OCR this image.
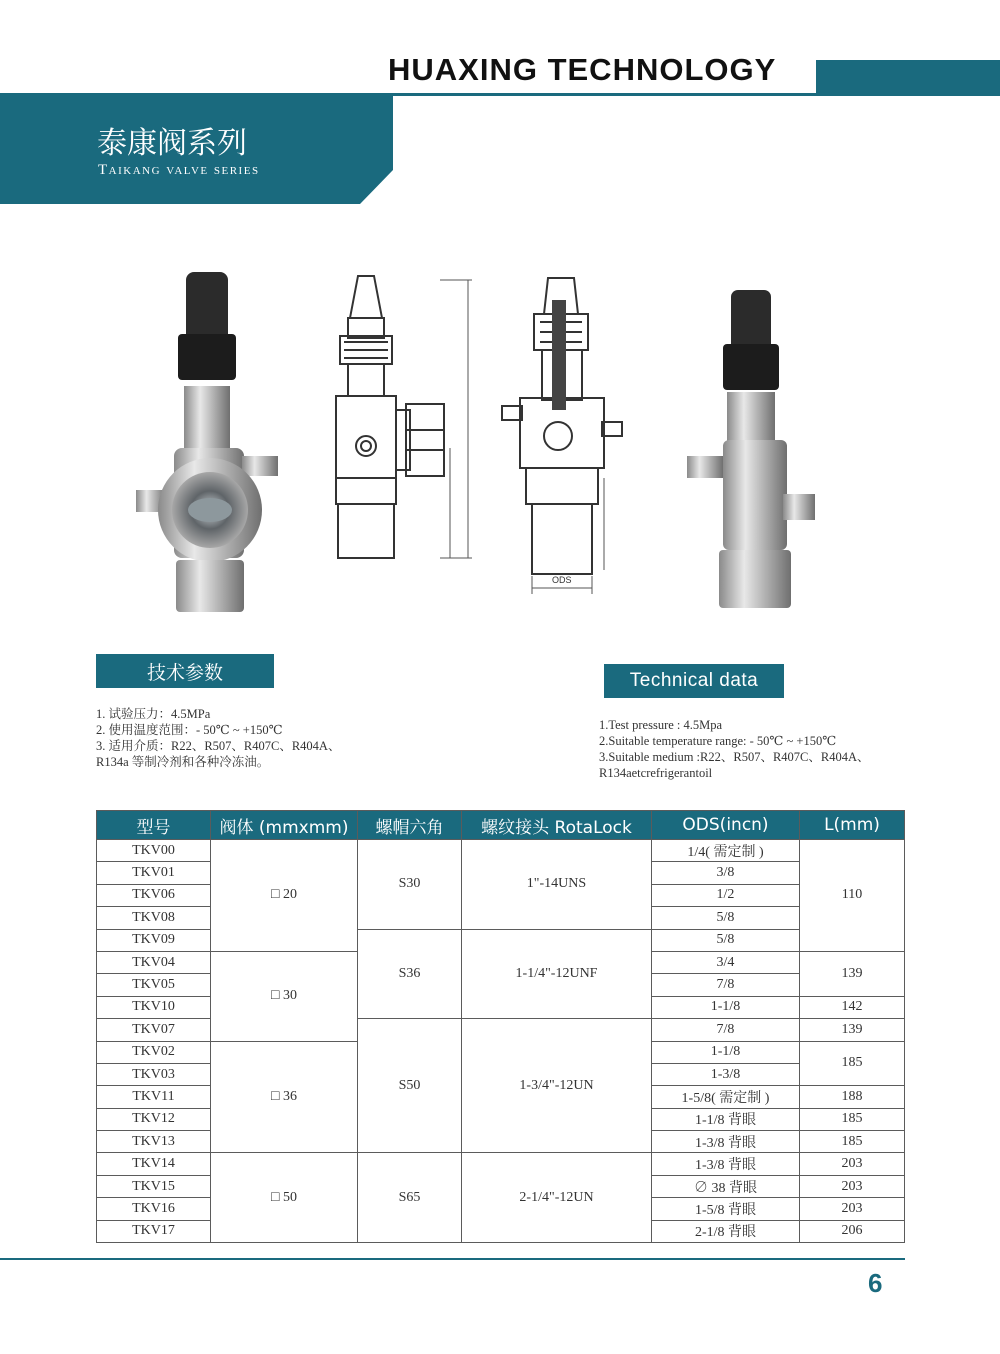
HUAXING TECHNOLOGY
泰康阀系列
Taikang valve series
ODS
技术参数	Technical data
1. 试验压力：4.5MPa
2. 使用温度范围：- 50℃ ~ +150℃
3. 适用介质：R22、R507、R407C、R404A、
R134a 等制冷剂和各种冷冻油。
1.Test pressure : 4.5Mpa
2.Suitable temperature range: - 50℃ ~ +150℃
3.Suitable medium :R22、R507、R407C、R404A、
R134aetcrefrigerantoil
型号	阀体 (mmxmm)	螺帽六角	螺纹接头 RotaLock	ODS(incn)	L(mm)
TKV00	□ 20	S30	1"-14UNS	1/4( 需定制 )	110
TKV01				3/8	
TKV06				1/2	
TKV08				5/8	
TKV09		S36	1-1/4"-12UNF	5/8	
TKV04	□ 30			3/4	139
TKV05				7/8	
TKV10				1-1/8	142
TKV07		S50	1-3/4"-12UN	7/8	139
TKV02	□ 36			1-1/8	185
TKV03				1-3/8	
TKV11				1-5/8( 需定制 )	188
TKV12				1-1/8 背眼	185
TKV13				1-3/8 背眼	185
TKV14	□ 50	S65	2-1/4"-12UN	1-3/8 背眼	203
TKV15				∅ 38 背眼	203
TKV16				1-5/8 背眼	203
TKV17				2-1/8 背眼	206
6
